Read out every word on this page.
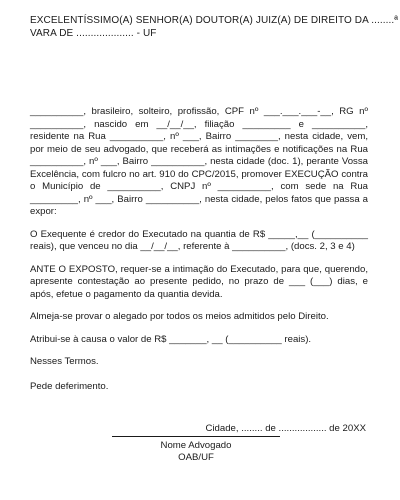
EXCELENTÍSSIMO(A) SENHOR(A) DOUTOR(A) JUIZ(A) DE DIREITO DA ........ª
VARA DE .................... - UF

__________, brasileiro, solteiro, profissão, CPF nº ___.___.___-__, RG nº __________, nascido em __/__/__, filiação _________ e __________, residente na Rua __________, nº ___, Bairro ________, nesta cidade, vem, por meio de seu advogado, que receberá as intimações e notificações na Rua __________, nº ___, Bairro __________, nesta cidade (doc. 1), perante Vossa Excelência, com fulcro no art. 910 do CPC/2015, promover EXECUÇÃO contra o Município de __________, CNPJ nº __________, com sede na Rua _________, nº ___, Bairro __________, nesta cidade, pelos fatos que passa a expor:

O Exequente é credor do Executado na quantia de R$ _____,__ (__________ reais), que venceu no dia __/__/__, referente à __________, (docs. 2, 3 e 4)

ANTE O EXPOSTO, requer-se a intimação do Executado, para que, querendo, apresente contestação ao presente pedido, no prazo de ___ (___) dias, e após, efetue o pagamento da quantia devida.

Almeja-se provar o alegado por todos os meios admitidos pelo Direito.

Atribui-se à causa o valor de R$ _______, __ (__________ reais).

Nesses Termos.

Pede deferimento.

Cidade, ........ de .................. de 20XX
Nome Advogado
OAB/UF
